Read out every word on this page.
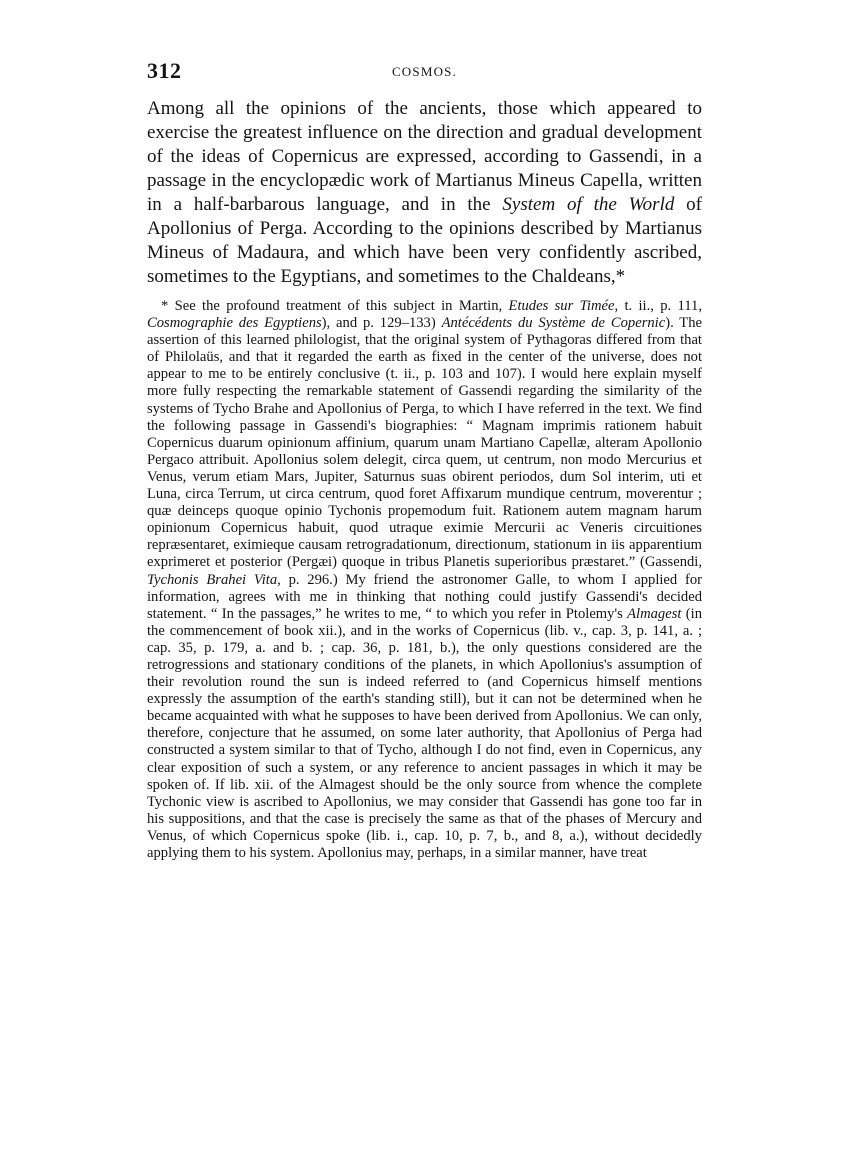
312	COSMOS.

Among all the opinions of the ancients, those which appeared to exercise the greatest influence on the direction and gradual development of the ideas of Copernicus are expressed, according to Gassendi, in a passage in the encyclopædic work of Martianus Mineus Capella, written in a half-barbarous language, and in the System of the World of Apollonius of Perga. According to the opinions described by Martianus Mineus of Madaura, and which have been very confidently ascribed, sometimes to the Egyptians, and sometimes to the Chaldeans,*

* See the profound treatment of this subject in Martin, Etudes sur Timée, t. ii., p. 111, Cosmographie des Egyptiens), and p. 129–133) Antécédents du Système de Copernic). The assertion of this learned philologist, that the original system of Pythagoras differed from that of Philolaüs, and that it regarded the earth as fixed in the center of the universe, does not appear to me to be entirely conclusive (t. ii., p. 103 and 107). I would here explain myself more fully respecting the remarkable statement of Gassendi regarding the similarity of the systems of Tycho Brahe and Apollonius of Perga, to which I have referred in the text. We find the following passage in Gassendi's biographies: “ Magnam imprimis rationem habuit Copernicus duarum opinionum affinium, quarum unam Martiano Capellæ, alteram Apollonio Pergaco attribuit. Apollonius solem delegit, circa quem, ut centrum, non modo Mercurius et Venus, verum etiam Mars, Jupiter, Saturnus suas obirent periodos, dum Sol interim, uti et Luna, circa Terrum, ut circa centrum, quod foret Affixarum mundique centrum, moverentur ; quæ deinceps quoque opinio Tychonis propemodum fuit. Rationem autem magnam harum opinionum Copernicus habuit, quod utraque eximie Mercurii ac Veneris circuitiones repræsentaret, eximieque causam retrogradationum, directionum, stationum in iis apparentium exprimeret et posterior (Pergæi) quoque in tribus Planetis superioribus præstaret.” (Gassendi, Tychonis Brahei Vita, p. 296.) My friend the astronomer Galle, to whom I applied for information, agrees with me in thinking that nothing could justify Gassendi's decided statement. “ In the passages,” he writes to me, “ to which you refer in Ptolemy's Almagest (in the commencement of book xii.), and in the works of Copernicus (lib. v., cap. 3, p. 141, a. ; cap. 35, p. 179, a. and b. ; cap. 36, p. 181, b.), the only questions considered are the retrogressions and stationary conditions of the planets, in which Apollonius's assumption of their revolution round the sun is indeed referred to (and Copernicus himself mentions expressly the assumption of the earth's standing still), but it can not be determined when he became acquainted with what he supposes to have been derived from Apollonius. We can only, therefore, conjecture that he assumed, on some later authority, that Apollonius of Perga had constructed a system similar to that of Tycho, although I do not find, even in Copernicus, any clear exposition of such a system, or any reference to ancient passages in which it may be spoken of. If lib. xii. of the Almagest should be the only source from whence the complete Tychonic view is ascribed to Apollonius, we may consider that Gassendi has gone too far in his suppositions, and that the case is precisely the same as that of the phases of Mercury and Venus, of which Copernicus spoke (lib. i., cap. 10, p. 7, b., and 8, a.), without decidedly applying them to his system. Apollonius may, perhaps, in a similar manner, have treat
